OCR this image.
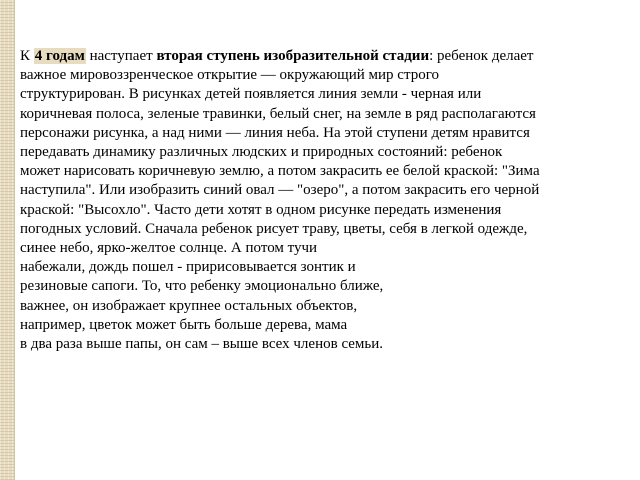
К 4 годам наступает вторая ступень изобразительной стадии: ребенок делает
важное мировоззренческое открытие — окружающий мир строго
структурирован. В рисунках детей появляется линия земли - черная или
коричневая полоса, зеленые травинки, белый снег, на земле в ряд располагаются
персонажи рисунка, а над ними — линия неба. На этой ступени детям нравится
передавать динамику различных людских и природных состояний: ребенок
может нарисовать коричневую землю, а потом закрасить ее белой краской: "Зима
наступила". Или изобразить синий овал — "озеро", а потом закрасить его черной
краской: "Высохло". Часто дети хотят в одном рисунке передать изменения
погодных условий. Сначала ребенок рисует траву, цветы, себя в легкой одежде,
синее небо, ярко-желтое солнце. А потом тучи
набежали, дождь пошел - пририсовывается зонтик и
резиновые сапоги. То, что ребенку эмоционально ближе,
важнее, он изображает крупнее остальных объектов,
например, цветок может быть больше дерева, мама
в два раза выше папы, он сам – выше всех членов семьи.
